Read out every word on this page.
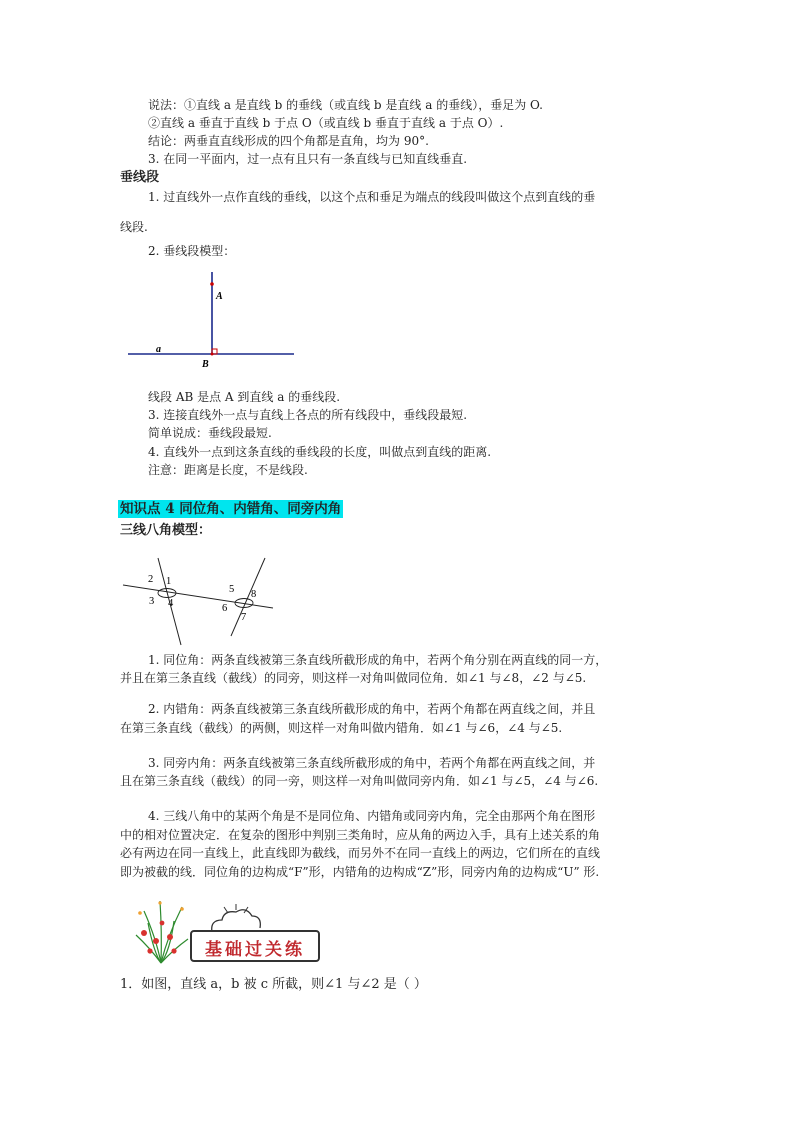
说法：①直线 a 是直线 b 的垂线（或直线 b 是直线 a 的垂线），垂足为 O.
②直线 a 垂直于直线 b 于点 O（或直线 b 垂直于直线 a 于点 O）.
结论：两垂直直线形成的四个角都是直角，均为 90°.
3. 在同一平面内，过一点有且只有一条直线与已知直线垂直.
垂线段
1. 过直线外一点作直线的垂线，以这个点和垂足为端点的线段叫做这个点到直线的垂
线段.
2. 垂线段模型：
A
B
a
线段 AB 是点 A 到直线 a 的垂线段.
3. 连接直线外一点与直线上各点的所有线段中，垂线段最短.
简单说成：垂线段最短.
4. 直线外一点到这条直线的垂线段的长度，叫做点到直线的距离.
注意：距离是长度，不是线段.
知识点 4 同位角、内错角、同旁内角
三线八角模型：
2 1
3 4
5 8
6
7
1. 同位角：两条直线被第三条直线所截形成的角中，若两个角分别在两直线的同一方，
并且在第三条直线（截线）的同旁，则这样一对角叫做同位角．如∠1 与∠8，∠2 与∠5.
2. 内错角：两条直线被第三条直线所截形成的角中，若两个角都在两直线之间，并且
在第三条直线（截线）的两侧，则这样一对角叫做内错角．如∠1 与∠6，∠4 与∠5.
3. 同旁内角：两条直线被第三条直线所截形成的角中，若两个角都在两直线之间，并
且在第三条直线（截线）的同一旁，则这样一对角叫做同旁内角．如∠1 与∠5，∠4 与∠6.
4. 三线八角中的某两个角是不是同位角、内错角或同旁内角，完全由那两个角在图形
中的相对位置决定．在复杂的图形中判别三类角时，应从角的两边入手，具有上述关系的角
必有两边在同一直线上，此直线即为截线，而另外不在同一直线上的两边，它们所在的直线
即为被截的线．同位角的边构成“F”形，内错角的边构成“Z”形，同旁内角的边构成“U” 形.
基础过关练
1．如图，直线 a，b 被 c 所截，则∠1 与∠2 是（ ）
